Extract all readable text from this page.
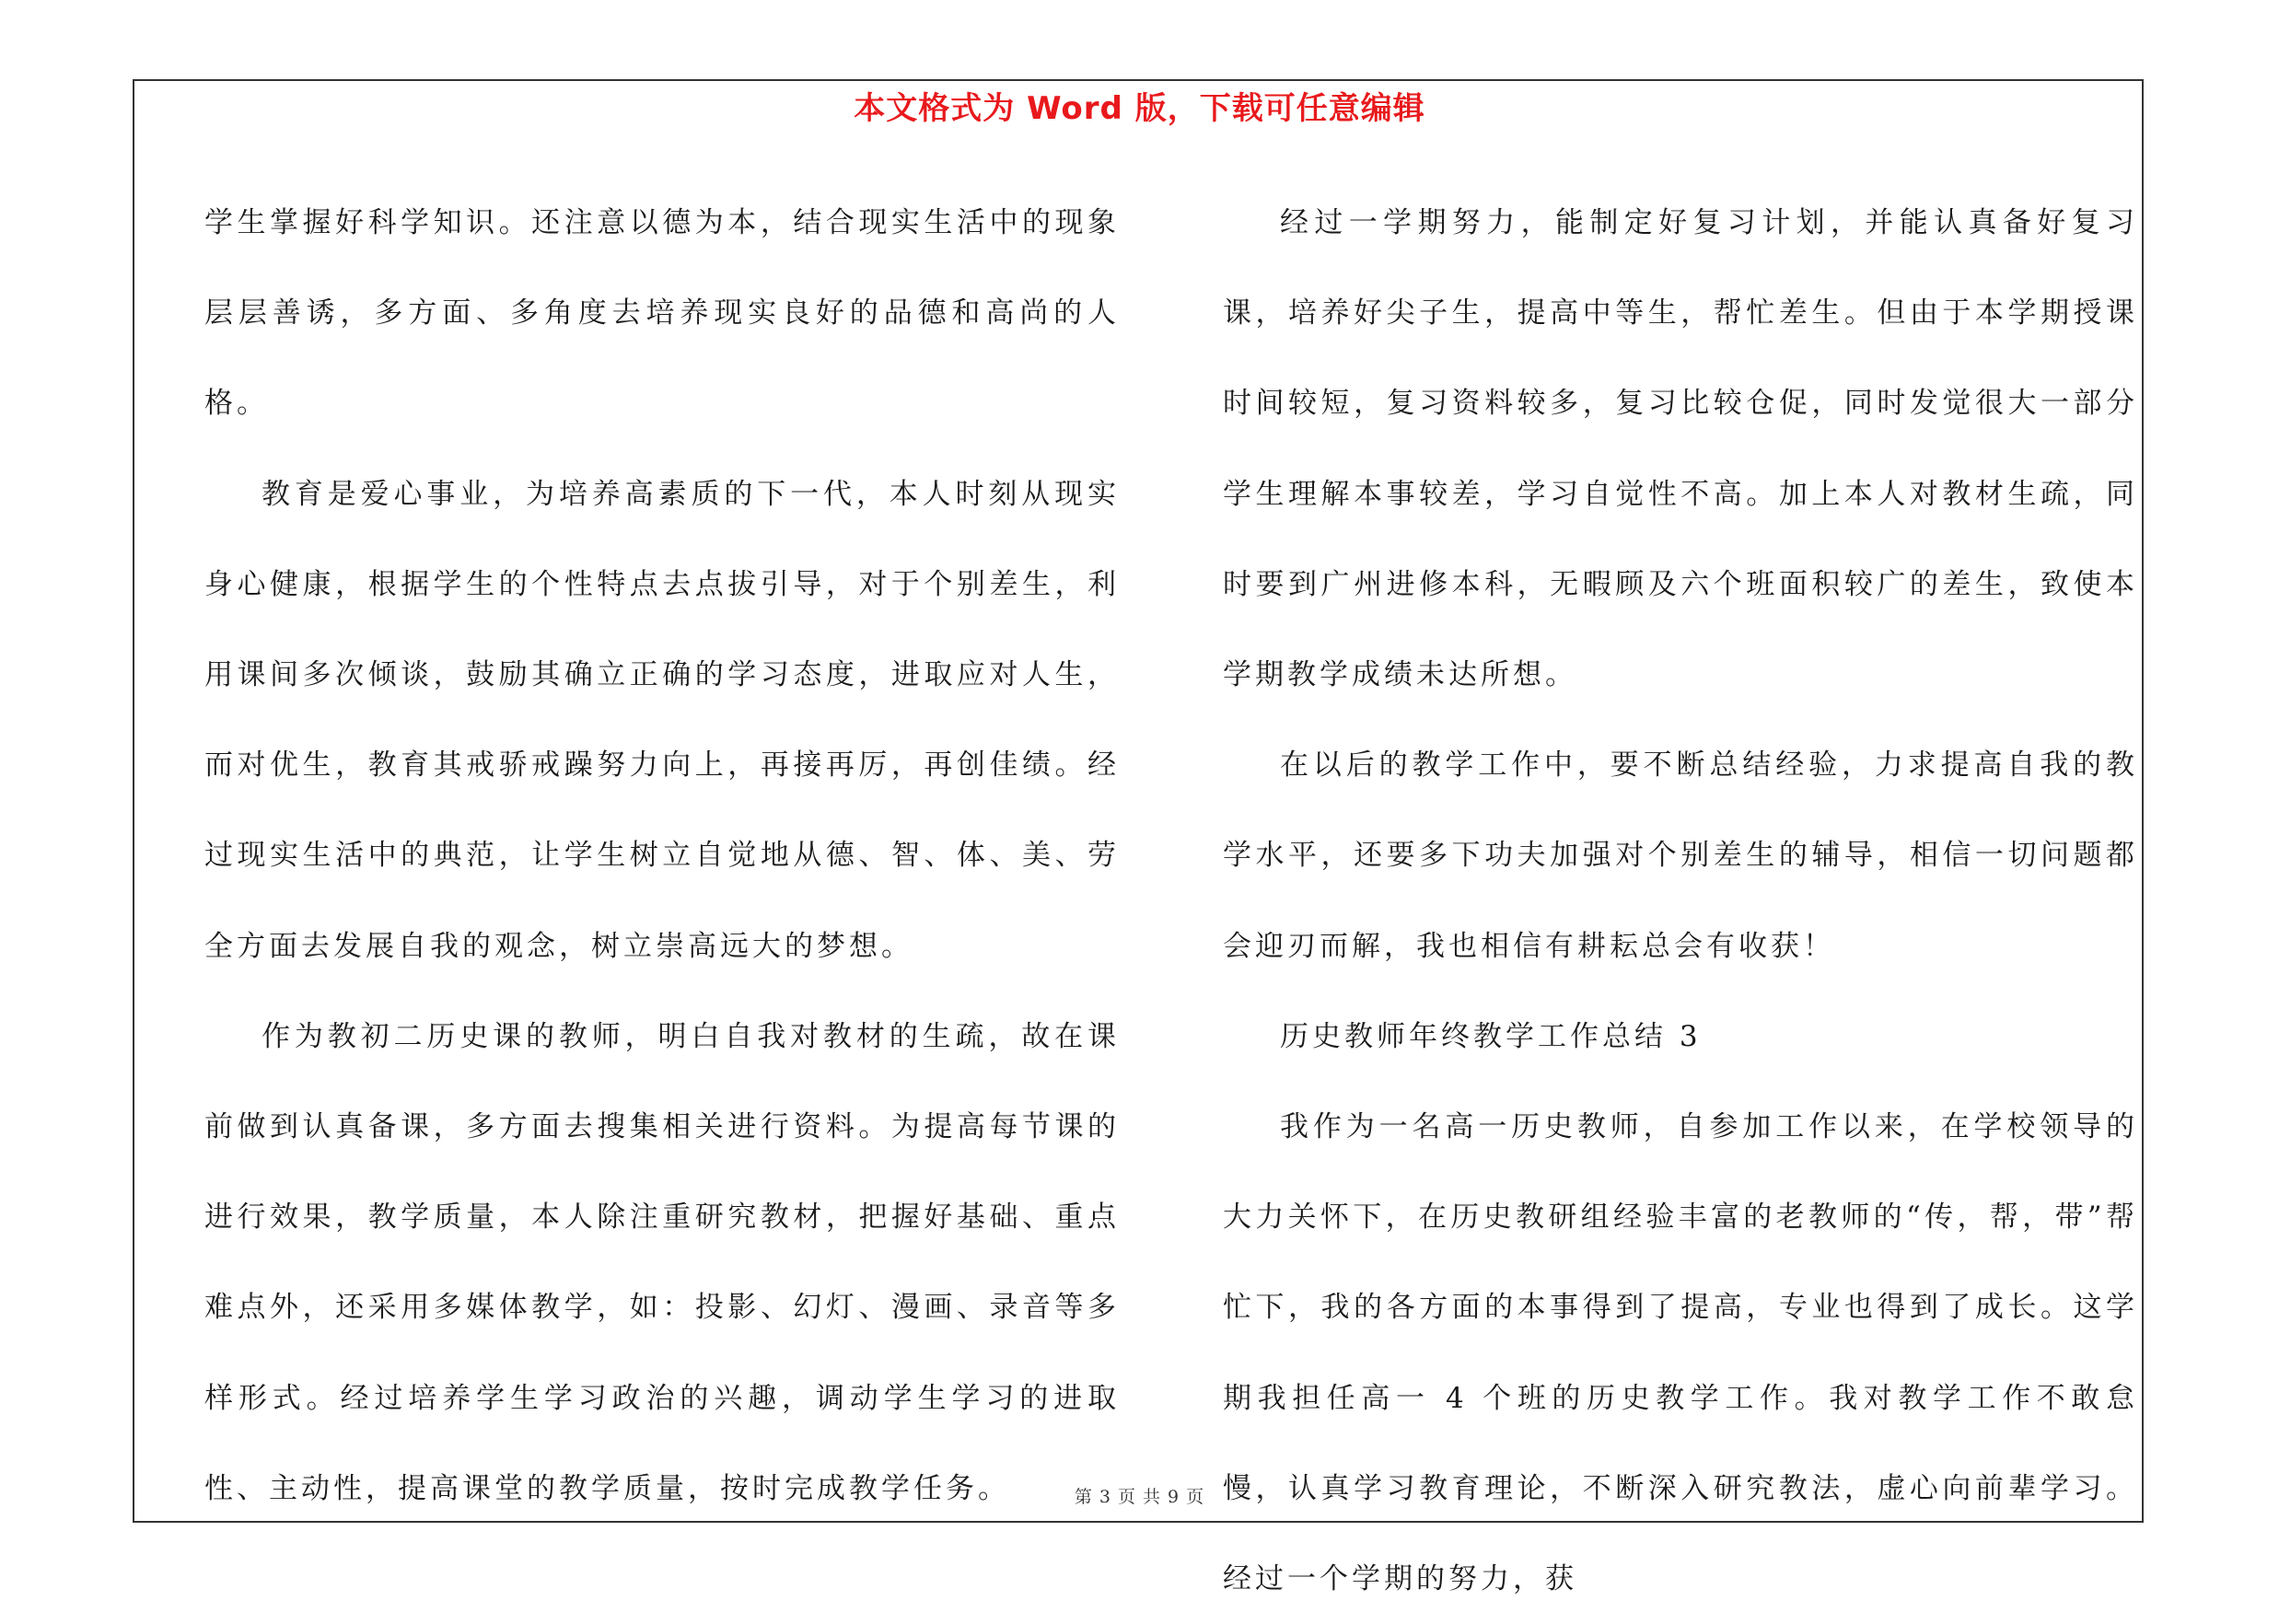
本文格式为 Word 版，下载可任意编辑

学生掌握好科学知识。还注意以德为本，结合现实生活中的现象层层善诱，多方面、多角度去培养现实良好的品德和高尚的人格。

教育是爱心事业，为培养高素质的下一代，本人时刻从现实身心健康，根据学生的个性特点去点拔引导，对于个别差生，利用课间多次倾谈，鼓励其确立正确的学习态度，进取应对人生，而对优生，教育其戒骄戒躁努力向上，再接再厉，再创佳绩。经过现实生活中的典范，让学生树立自觉地从德、智、体、美、劳全方面去发展自我的观念，树立崇高远大的梦想。

作为教初二历史课的教师，明白自我对教材的生疏，故在课前做到认真备课，多方面去搜集相关进行资料。为提高每节课的进行效果，教学质量，本人除注重研究教材，把握好基础、重点难点外，还采用多媒体教学，如：投影、幻灯、漫画、录音等多样形式。经过培养学生学习政治的兴趣，调动学生学习的进取性、主动性，提高课堂的教学质量，按时完成教学任务。

经过一学期努力，能制定好复习计划，并能认真备好复习课，培养好尖子生，提高中等生，帮忙差生。但由于本学期授课时间较短，复习资料较多，复习比较仓促，同时发觉很大一部分学生理解本事较差，学习自觉性不高。加上本人对教材生疏，同时要到广州进修本科，无暇顾及六个班面积较广的差生，致使本学期教学成绩未达所想。

在以后的教学工作中，要不断总结经验，力求提高自我的教学水平，还要多下功夫加强对个别差生的辅导，相信一切问题都会迎刃而解，我也相信有耕耘总会有收获！

历史教师年终教学工作总结 3

我作为一名高一历史教师，自参加工作以来，在学校领导的大力关怀下，在历史教研组经验丰富的老教师的“传，帮，带”帮忙下，我的各方面的本事得到了提高，专业也得到了成长。这学期我担任高一 4 个班的历史教学工作。我对教学工作不敢怠慢，认真学习教育理论，不断深入研究教法，虚心向前辈学习。经过一个学期的努力，获

第 3 页 共 9 页
